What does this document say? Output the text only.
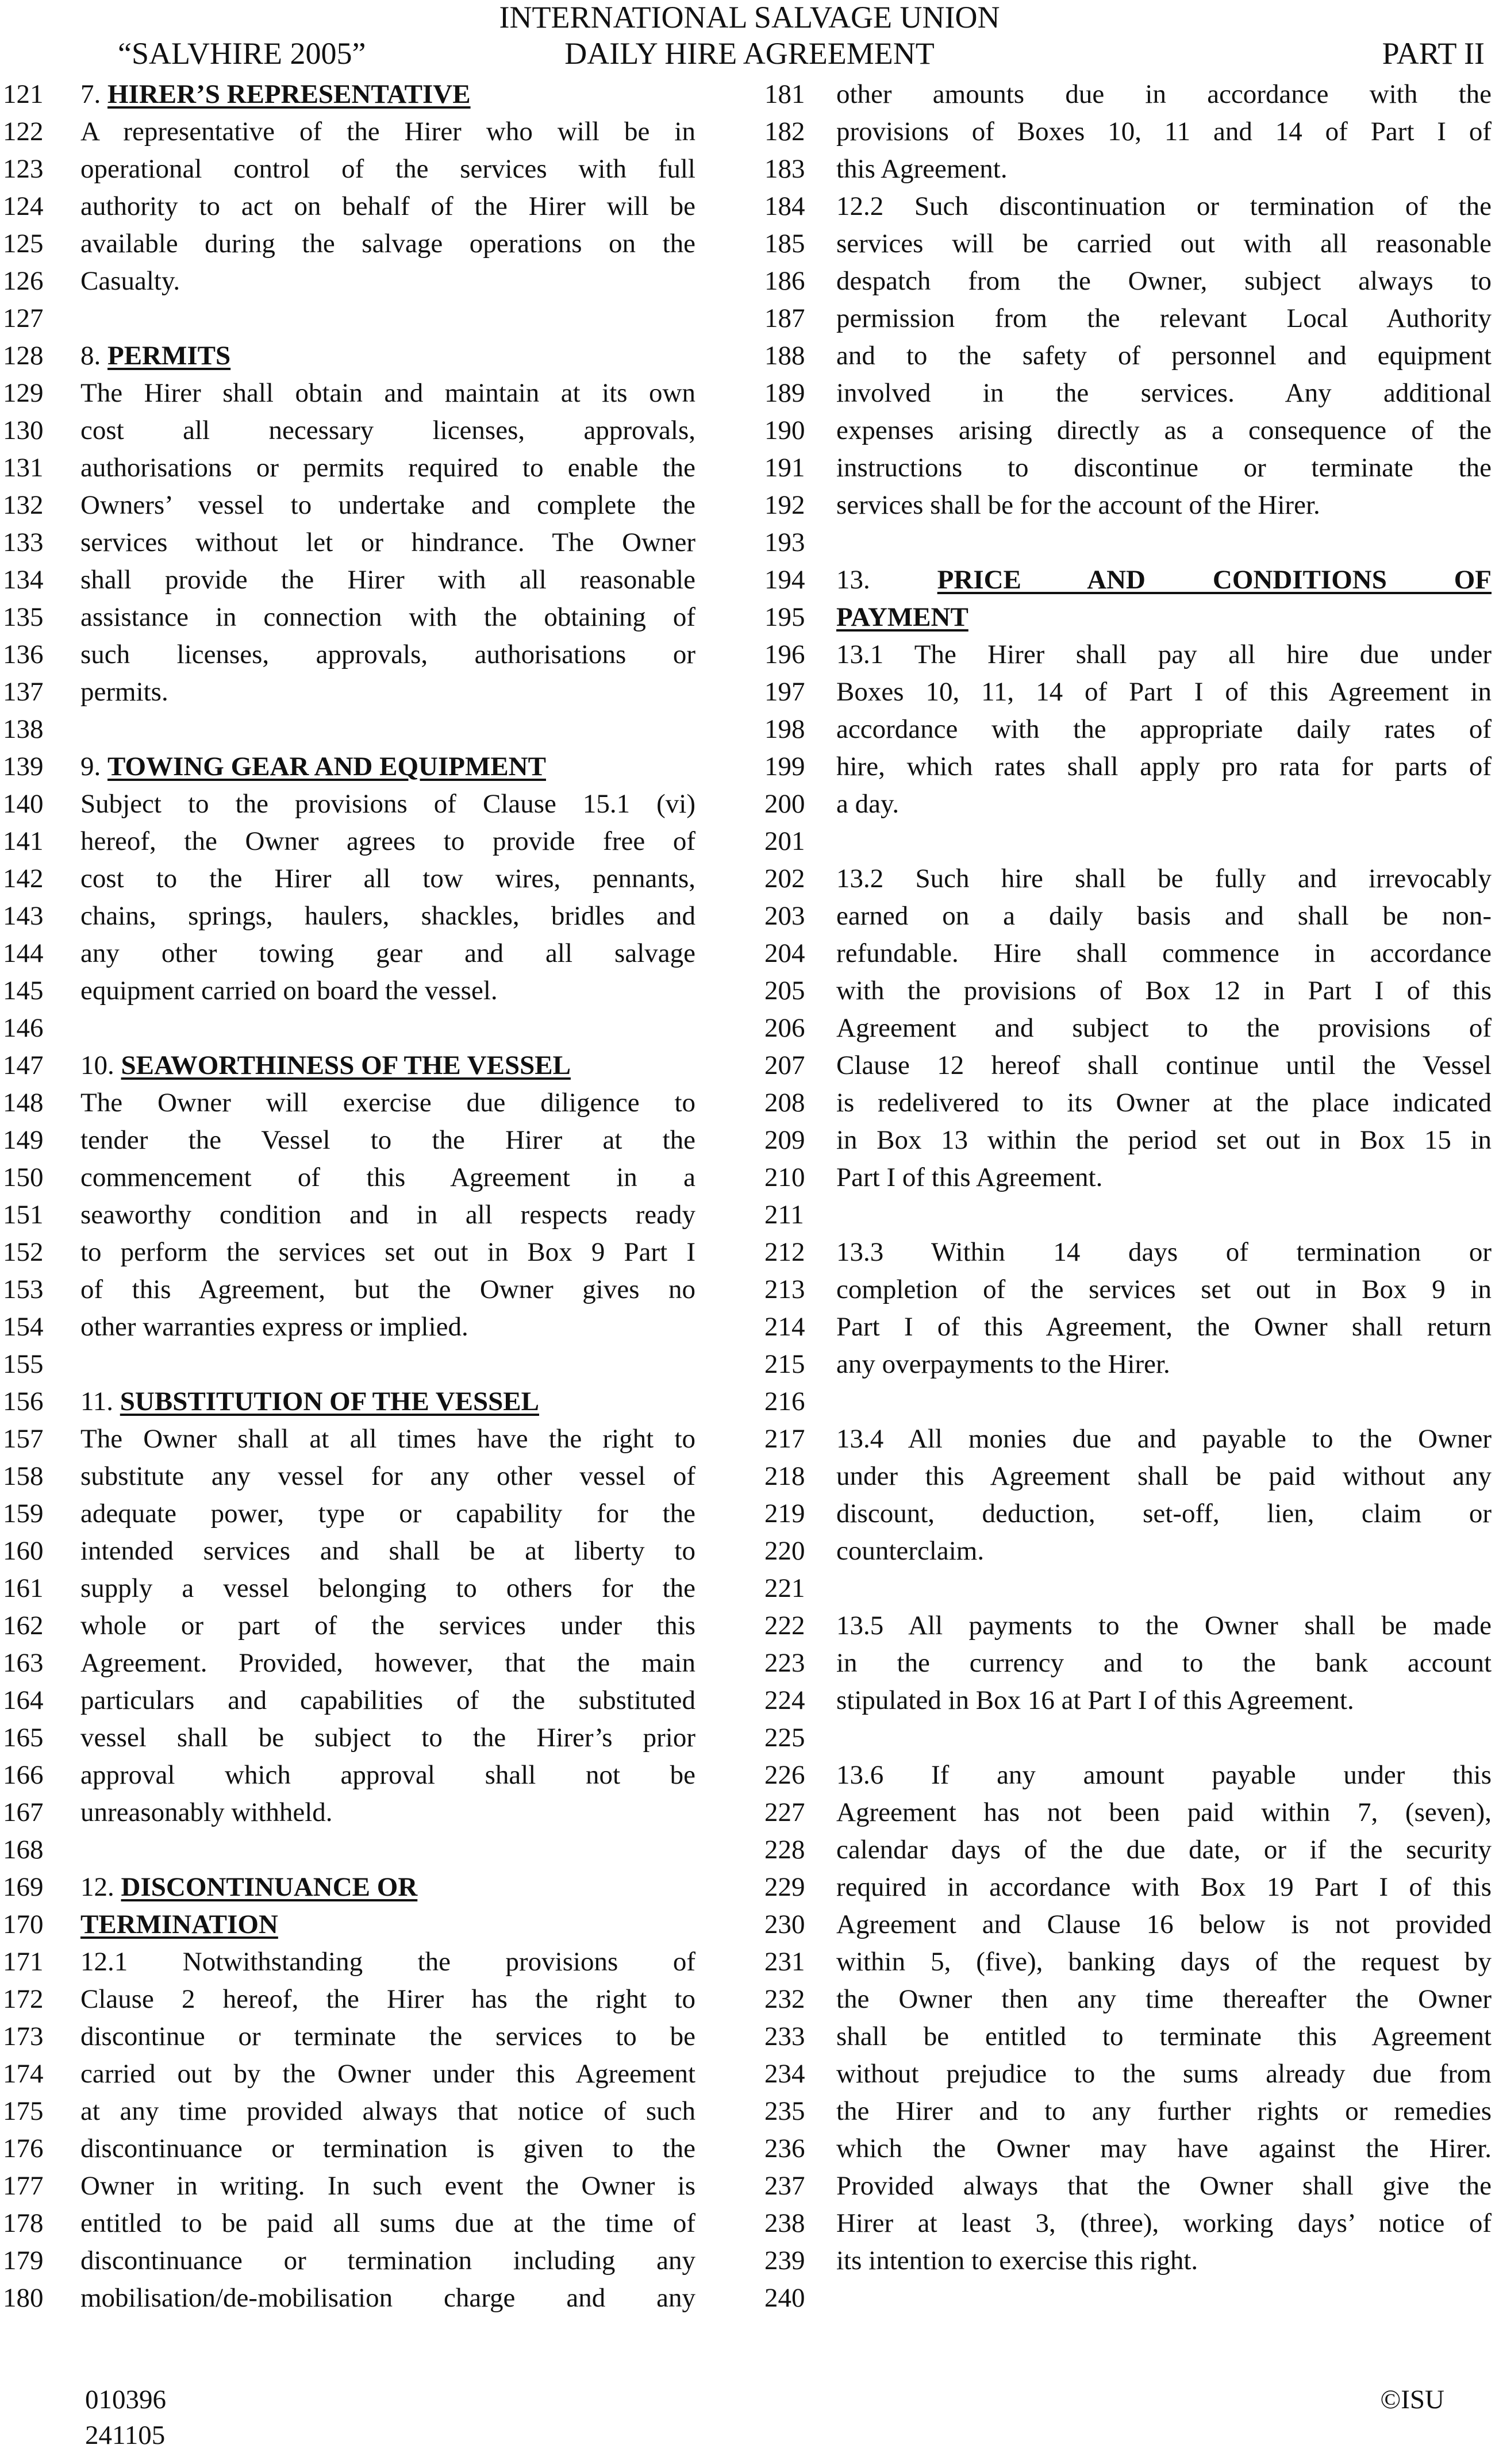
INTERNATIONAL SALVAGE UNION
DAILY HIRE AGREEMENT
“SALVHIRE 2005”	PART II
121	7. HIRER’S REPRESENTATIVE
122	A representative of the Hirer who will be in
123	operational control of the services with full
124	authority to act on behalf of the Hirer will be
125	available during the salvage operations on the
126	Casualty.
127
128	8. PERMITS
129	The Hirer shall obtain and maintain at its own
130	cost all necessary licenses, approvals,
131	authorisations or permits required to enable the
132	Owners’ vessel to undertake and complete the
133	services without let or hindrance. The Owner
134	shall provide the Hirer with all reasonable
135	assistance in connection with the obtaining of
136	such licenses, approvals, authorisations or
137	permits.
138
139	9. TOWING GEAR AND EQUIPMENT
140	Subject to the provisions of Clause 15.1 (vi)
141	hereof, the Owner agrees to provide free of
142	cost to the Hirer all tow wires, pennants,
143	chains, springs, haulers, shackles, bridles and
144	any other towing gear and all salvage
145	equipment carried on board the vessel.
146
147	10. SEAWORTHINESS OF THE VESSEL
148	The Owner will exercise due diligence to
149	tender the Vessel to the Hirer at the
150	commencement of this Agreement in a
151	seaworthy condition and in all respects ready
152	to perform the services set out in Box 9 Part I
153	of this Agreement, but the Owner gives no
154	other warranties express or implied.
155
156	11. SUBSTITUTION OF THE VESSEL
157	The Owner shall at all times have the right to
158	substitute any vessel for any other vessel of
159	adequate power, type or capability for the
160	intended services and shall be at liberty to
161	supply a vessel belonging to others for the
162	whole or part of the services under this
163	Agreement. Provided, however, that the main
164	particulars and capabilities of the substituted
165	vessel shall be subject to the Hirer’s prior
166	approval which approval shall not be
167	unreasonably withheld.
168
169	12. DISCONTINUANCE OR
170	TERMINATION
171	12.1 Notwithstanding the provisions of
172	Clause 2 hereof, the Hirer has the right to
173	discontinue or terminate the services to be
174	carried out by the Owner under this Agreement
175	at any time provided always that notice of such
176	discontinuance or termination is given to the
177	Owner in writing. In such event the Owner is
178	entitled to be paid all sums due at the time of
179	discontinuance or termination including any
180	mobilisation/de-mobilisation charge and any
181	other amounts due in accordance with the
182	provisions of Boxes 10, 11 and 14 of Part I of
183	this Agreement.
184	12.2 Such discontinuation or termination of the
185	services will be carried out with all reasonable
186	despatch from the Owner, subject always to
187	permission from the relevant Local Authority
188	and to the safety of personnel and equipment
189	involved in the services. Any additional
190	expenses arising directly as a consequence of the
191	instructions to discontinue or terminate the
192	services shall be for the account of the Hirer.
193
194	13. PRICE AND CONDITIONS OF
195	PAYMENT
196	13.1 The Hirer shall pay all hire due under
197	Boxes 10, 11, 14 of Part I of this Agreement in
198	accordance with the appropriate daily rates of
199	hire, which rates shall apply pro rata for parts of
200	a day.
201
202	13.2 Such hire shall be fully and irrevocably
203	earned on a daily basis and shall be non-
204	refundable. Hire shall commence in accordance
205	with the provisions of Box 12 in Part I of this
206	Agreement and subject to the provisions of
207	Clause 12 hereof shall continue until the Vessel
208	is redelivered to its Owner at the place indicated
209	in Box 13 within the period set out in Box 15 in
210	Part I of this Agreement.
211
212	13.3 Within 14 days of termination or
213	completion of the services set out in Box 9 in
214	Part I of this Agreement, the Owner shall return
215	any overpayments to the Hirer.
216
217	13.4 All monies due and payable to the Owner
218	under this Agreement shall be paid without any
219	discount, deduction, set-off, lien, claim or
220	counterclaim.
221
222	13.5 All payments to the Owner shall be made
223	in the currency and to the bank account
224	stipulated in Box 16 at Part I of this Agreement.
225
226	13.6 If any amount payable under this
227	Agreement has not been paid within 7, (seven),
228	calendar days of the due date, or if the security
229	required in accordance with Box 19 Part I of this
230	Agreement and Clause 16 below is not provided
231	within 5, (five), banking days of the request by
232	the Owner then any time thereafter the Owner
233	shall be entitled to terminate this Agreement
234	without prejudice to the sums already due from
235	the Hirer and to any further rights or remedies
236	which the Owner may have against the Hirer.
237	Provided always that the Owner shall give the
238	Hirer at least 3, (three), working days’ notice of
239	its intention to exercise this right.
240
010396
241105
©ISU
